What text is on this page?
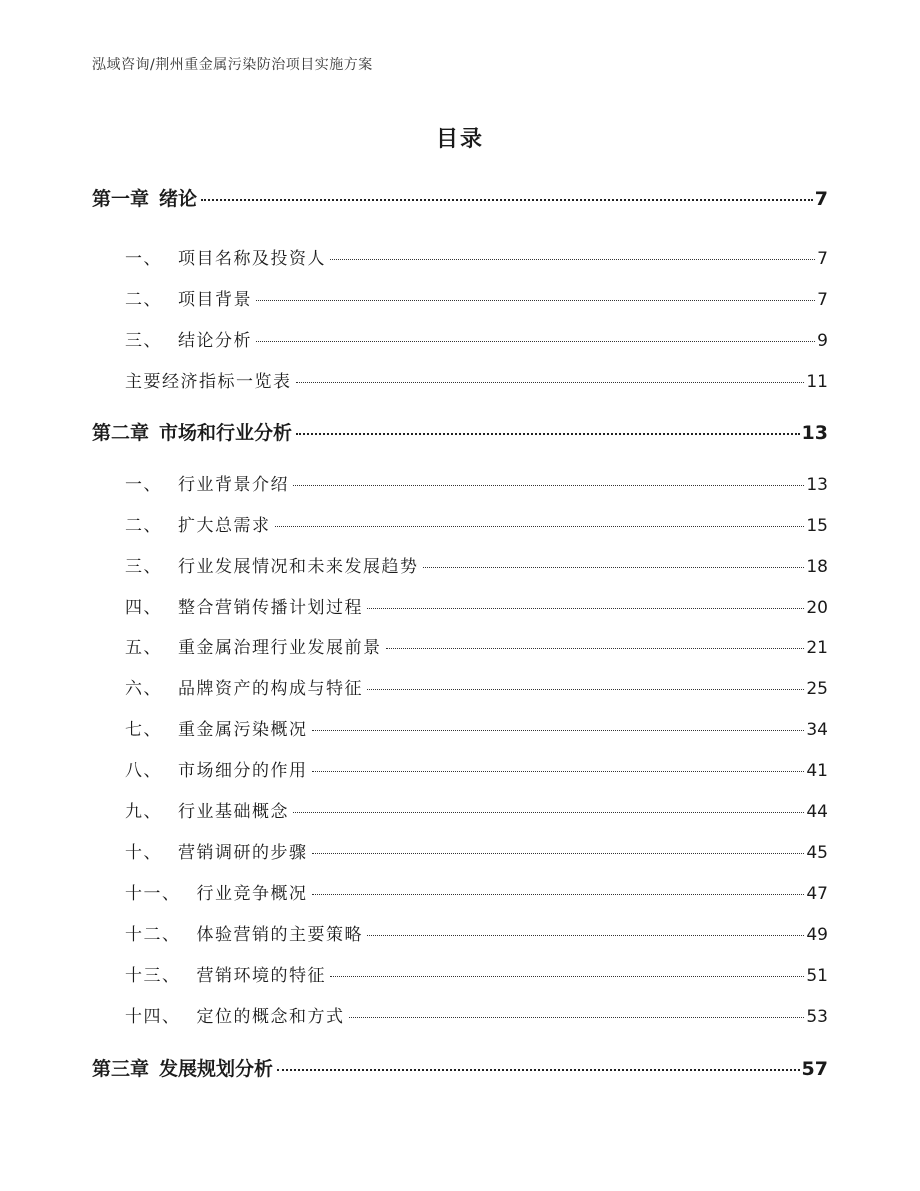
泓域咨询/荆州重金属污染防治项目实施方案
目录
第一章 绪论	7
一、 项目名称及投资人	7
二、 项目背景	7
三、 结论分析	9
主要经济指标一览表	11
第二章 市场和行业分析	13
一、 行业背景介绍	13
二、 扩大总需求	15
三、 行业发展情况和未来发展趋势	18
四、 整合营销传播计划过程	20
五、 重金属治理行业发展前景	21
六、 品牌资产的构成与特征	25
七、 重金属污染概况	34
八、 市场细分的作用	41
九、 行业基础概念	44
十、 营销调研的步骤	45
十一、 行业竞争概况	47
十二、 体验营销的主要策略	49
十三、 营销环境的特征	51
十四、 定位的概念和方式	53
第三章 发展规划分析	57
